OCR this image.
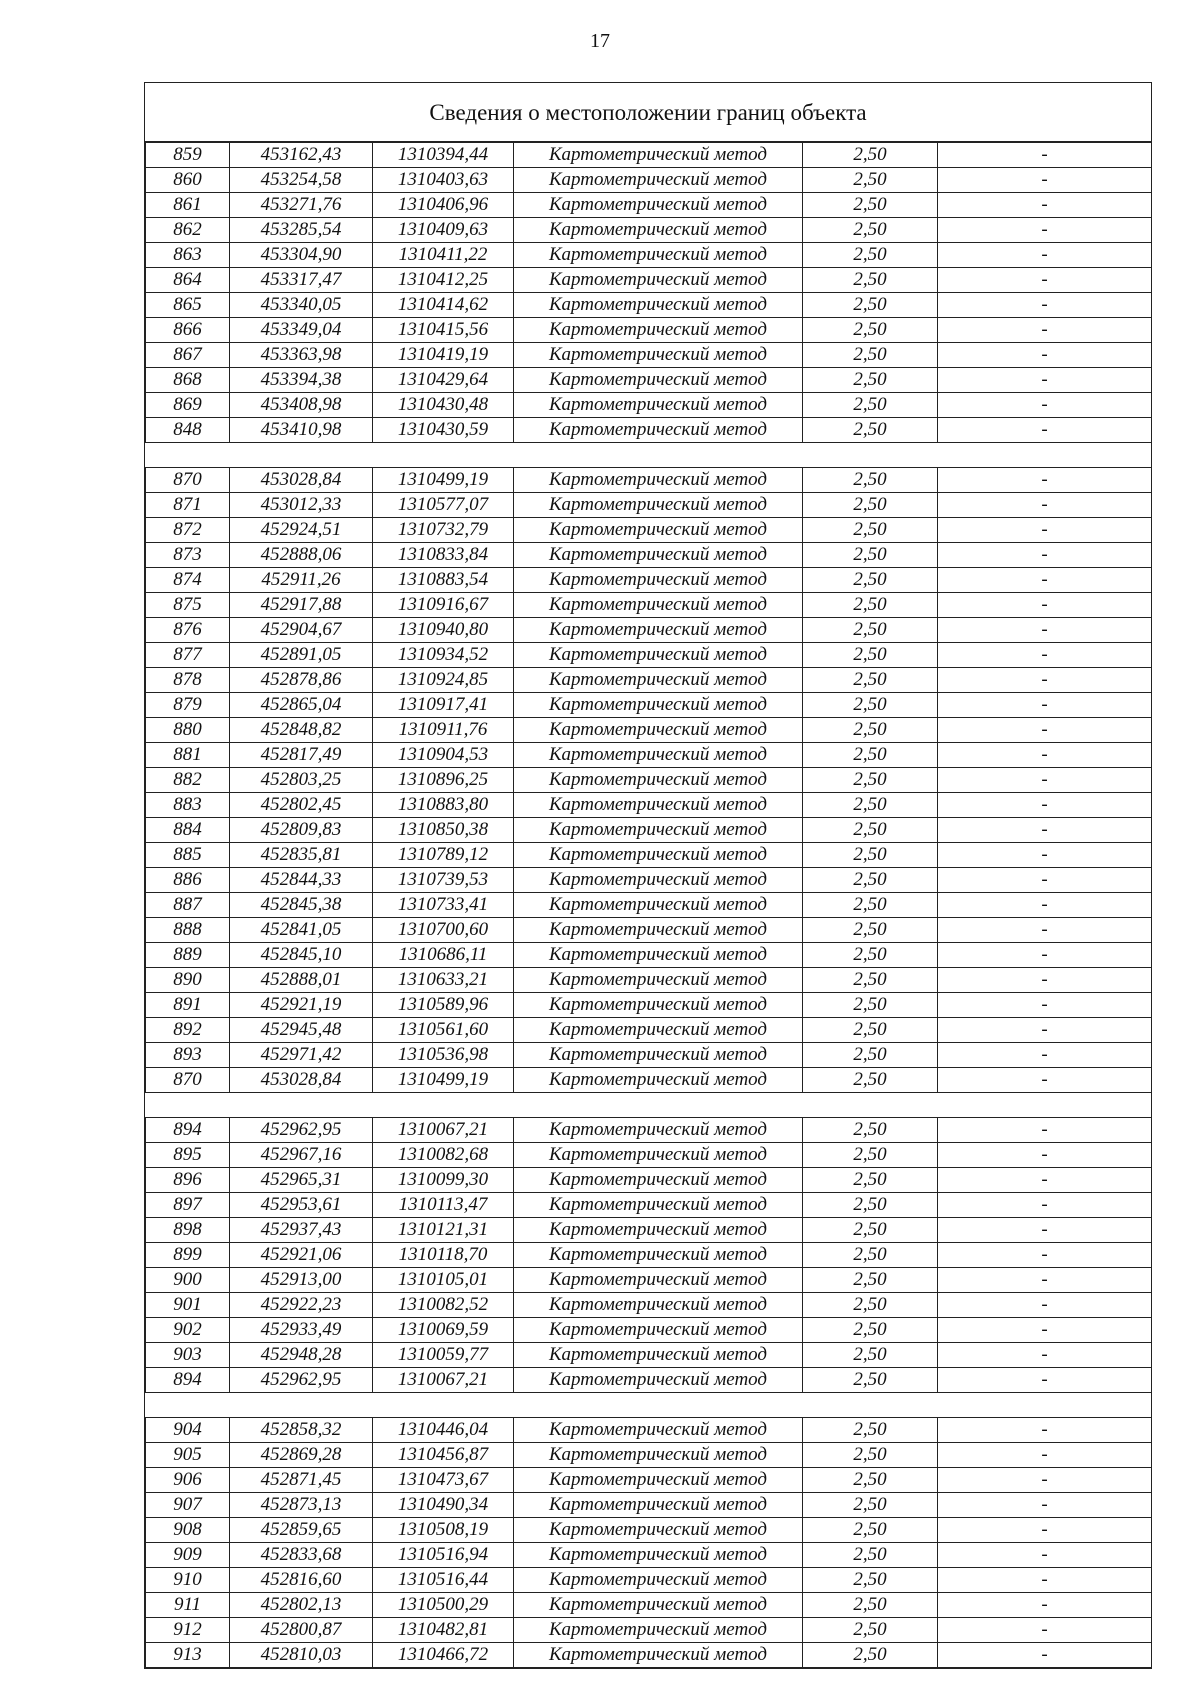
17
Сведения о местоположении границ объекта
859	453162,43	1310394,44	Картометрический метод	2,50	-
860	453254,58	1310403,63	Картометрический метод	2,50	-
861	453271,76	1310406,96	Картометрический метод	2,50	-
862	453285,54	1310409,63	Картометрический метод	2,50	-
863	453304,90	1310411,22	Картометрический метод	2,50	-
864	453317,47	1310412,25	Картометрический метод	2,50	-
865	453340,05	1310414,62	Картометрический метод	2,50	-
866	453349,04	1310415,56	Картометрический метод	2,50	-
867	453363,98	1310419,19	Картометрический метод	2,50	-
868	453394,38	1310429,64	Картометрический метод	2,50	-
869	453408,98	1310430,48	Картометрический метод	2,50	-
848	453410,98	1310430,59	Картометрический метод	2,50	-

870	453028,84	1310499,19	Картометрический метод	2,50	-
871	453012,33	1310577,07	Картометрический метод	2,50	-
872	452924,51	1310732,79	Картометрический метод	2,50	-
873	452888,06	1310833,84	Картометрический метод	2,50	-
874	452911,26	1310883,54	Картометрический метод	2,50	-
875	452917,88	1310916,67	Картометрический метод	2,50	-
876	452904,67	1310940,80	Картометрический метод	2,50	-
877	452891,05	1310934,52	Картометрический метод	2,50	-
878	452878,86	1310924,85	Картометрический метод	2,50	-
879	452865,04	1310917,41	Картометрический метод	2,50	-
880	452848,82	1310911,76	Картометрический метод	2,50	-
881	452817,49	1310904,53	Картометрический метод	2,50	-
882	452803,25	1310896,25	Картометрический метод	2,50	-
883	452802,45	1310883,80	Картометрический метод	2,50	-
884	452809,83	1310850,38	Картометрический метод	2,50	-
885	452835,81	1310789,12	Картометрический метод	2,50	-
886	452844,33	1310739,53	Картометрический метод	2,50	-
887	452845,38	1310733,41	Картометрический метод	2,50	-
888	452841,05	1310700,60	Картометрический метод	2,50	-
889	452845,10	1310686,11	Картометрический метод	2,50	-
890	452888,01	1310633,21	Картометрический метод	2,50	-
891	452921,19	1310589,96	Картометрический метод	2,50	-
892	452945,48	1310561,60	Картометрический метод	2,50	-
893	452971,42	1310536,98	Картометрический метод	2,50	-
870	453028,84	1310499,19	Картометрический метод	2,50	-

894	452962,95	1310067,21	Картометрический метод	2,50	-
895	452967,16	1310082,68	Картометрический метод	2,50	-
896	452965,31	1310099,30	Картометрический метод	2,50	-
897	452953,61	1310113,47	Картометрический метод	2,50	-
898	452937,43	1310121,31	Картометрический метод	2,50	-
899	452921,06	1310118,70	Картометрический метод	2,50	-
900	452913,00	1310105,01	Картометрический метод	2,50	-
901	452922,23	1310082,52	Картометрический метод	2,50	-
902	452933,49	1310069,59	Картометрический метод	2,50	-
903	452948,28	1310059,77	Картометрический метод	2,50	-
894	452962,95	1310067,21	Картометрический метод	2,50	-

904	452858,32	1310446,04	Картометрический метод	2,50	-
905	452869,28	1310456,87	Картометрический метод	2,50	-
906	452871,45	1310473,67	Картометрический метод	2,50	-
907	452873,13	1310490,34	Картометрический метод	2,50	-
908	452859,65	1310508,19	Картометрический метод	2,50	-
909	452833,68	1310516,94	Картометрический метод	2,50	-
910	452816,60	1310516,44	Картометрический метод	2,50	-
911	452802,13	1310500,29	Картометрический метод	2,50	-
912	452800,87	1310482,81	Картометрический метод	2,50	-
913	452810,03	1310466,72	Картометрический метод	2,50	-
